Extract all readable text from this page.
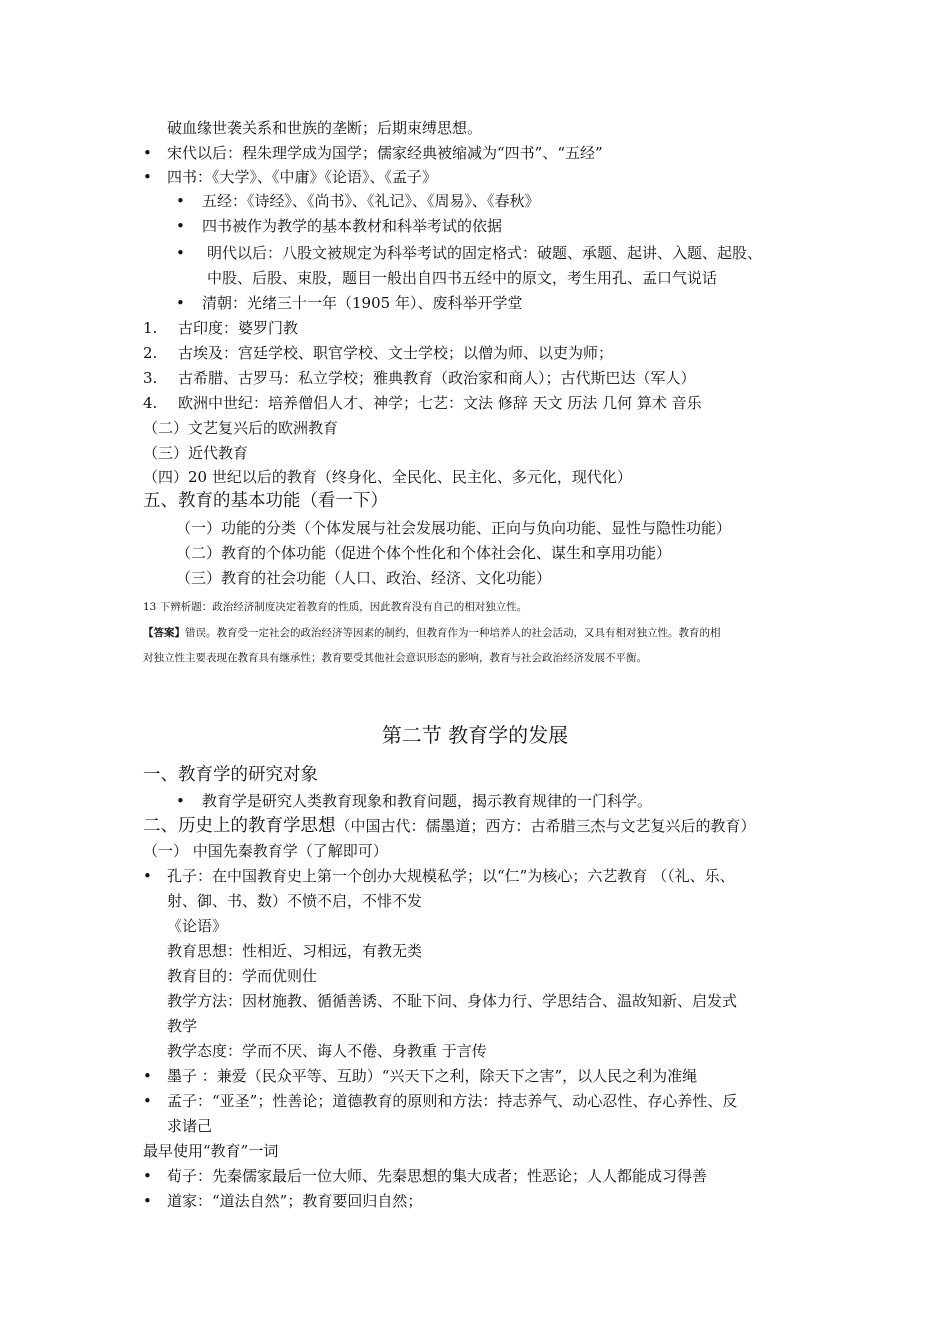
破血缘世袭关系和世族的垄断；后期束缚思想。
• 宋代以后：程朱理学成为国学；儒家经典被缩减为“四书”、“五经”
• 四书：《大学》、《中庸》《论语》、《孟子》
• 五经：《诗经》、《尚书》、《礼记》、《周易》、《春秋》
• 四书被作为教学的基本教材和科举考试的依据
• 明代以后：八股文被规定为科举考试的固定格式：破题、承题、起讲、入题、起股、
中股、后股、束股，题目一般出自四书五经中的原文，考生用孔、孟口气说话
• 清朝：光绪三十一年（1905 年）、废科举开学堂
1. 古印度：婆罗门教
2. 古埃及：宫廷学校、职官学校、文士学校；以僧为师、以吏为师；
3. 古希腊、古罗马：私立学校；雅典教育（政治家和商人）；古代斯巴达（军人）
4. 欧洲中世纪：培养僧侣人才、神学；七艺：文法 修辞 天文 历法 几何 算术 音乐
（二）文艺复兴后的欧洲教育
（三）近代教育
（四）20 世纪以后的教育（终身化、全民化、民主化、多元化，现代化）
五、教育的基本功能（看一下）
（一）功能的分类（个体发展与社会发展功能、正向与负向功能、显性与隐性功能）
（二）教育的个体功能（促进个体个性化和个体社会化、谋生和享用功能）
（三）教育的社会功能（人口、政治、经济、文化功能）
13 下辨析题：政治经济制度决定着教育的性质，因此教育没有自己的相对独立性。
【答案】错误。教育受一定社会的政治经济等因素的制约，但教育作为一种培养人的社会活动，又具有相对独立性。教育的相
对独立性主要表现在教育具有继承性；教育要受其他社会意识形态的影响，教育与社会政治经济发展不平衡。
第二节 教育学的发展
一、教育学的研究对象
• 教育学是研究人类教育现象和教育问题，揭示教育规律的一门科学。
二、历史上的教育学思想（中国古代：儒墨道；西方：古希腊三杰与文艺复兴后的教育）
（一） 中国先秦教育学（了解即可）
• 孔子：在中国教育史上第一个创办大规模私学；以“仁”为核心；六艺教育 （（礼、乐、
射、御、书、数）不愤不启，不悱不发
《论语》
教育思想：性相近、习相远，有教无类
教育目的：学而优则仕
教学方法：因材施教、循循善诱、不耻下问、身体力行、学思结合、温故知新、启发式
教学
教学态度：学而不厌、诲人不倦、身教重 于言传
• 墨子 ：兼爱（民众平等、互助）“兴天下之利，除天下之害”，以人民之利为准绳
• 孟子：“亚圣”；性善论；道德教育的原则和方法：持志养气、动心忍性、存心养性、反
求诸己
最早使用“教育”一词
• 荀子：先秦儒家最后一位大师、先秦思想的集大成者；性恶论；人人都能成习得善
• 道家：“道法自然”；教育要回归自然；
